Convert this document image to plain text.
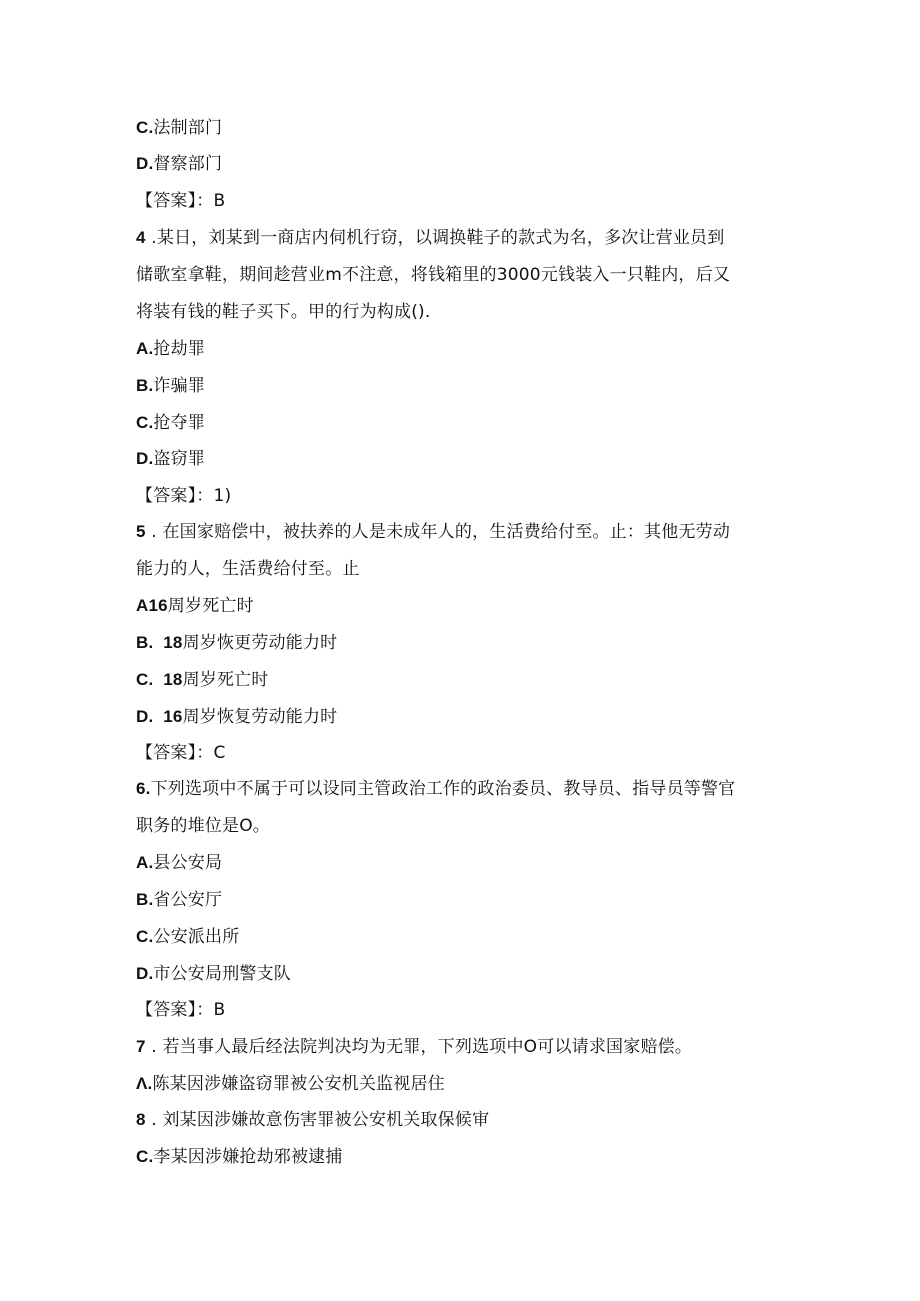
C.法制部门
D.督察部门
【答案】：B
4 .某日，刘某到一商店内伺机行窃，以调换鞋子的款式为名，多次让营业员到
储歌室拿鞋，期间趁营业m不注意，将钱箱里的3000元钱装入一只鞋内，后又
将装有钱的鞋子买下。甲的行为构成().
A.抢劫罪
B.诈骗罪
C.抢夺罪
D.盗窃罪
【答案】：1)
5 . 在国家赔偿中，被扶养的人是未成年人的，生活费给付至。止：其他无劳动
能力的人，生活费给付至。止
A16周岁死亡时
B.  18周岁恢更劳动能力时
C.  18周岁死亡时
D.  16周岁恢复劳动能力时
【答案】：C
6.下列选项中不属于可以设同主管政治工作的政治委员、教导员、指导员等警官
职务的堆位是O。
A.县公安局
B.省公安厅
C.公安派出所
D.市公安局刑警支队
【答案】：B
7 . 若当事人最后经法院判决均为无罪，下列选项中O可以请求国家赔偿。
Λ.陈某因涉嫌盗窃罪被公安机关监视居住
8 . 刘某因涉嫌故意伤害罪被公安机关取保候审
C.李某因涉嫌抢劫邪被逮捕
